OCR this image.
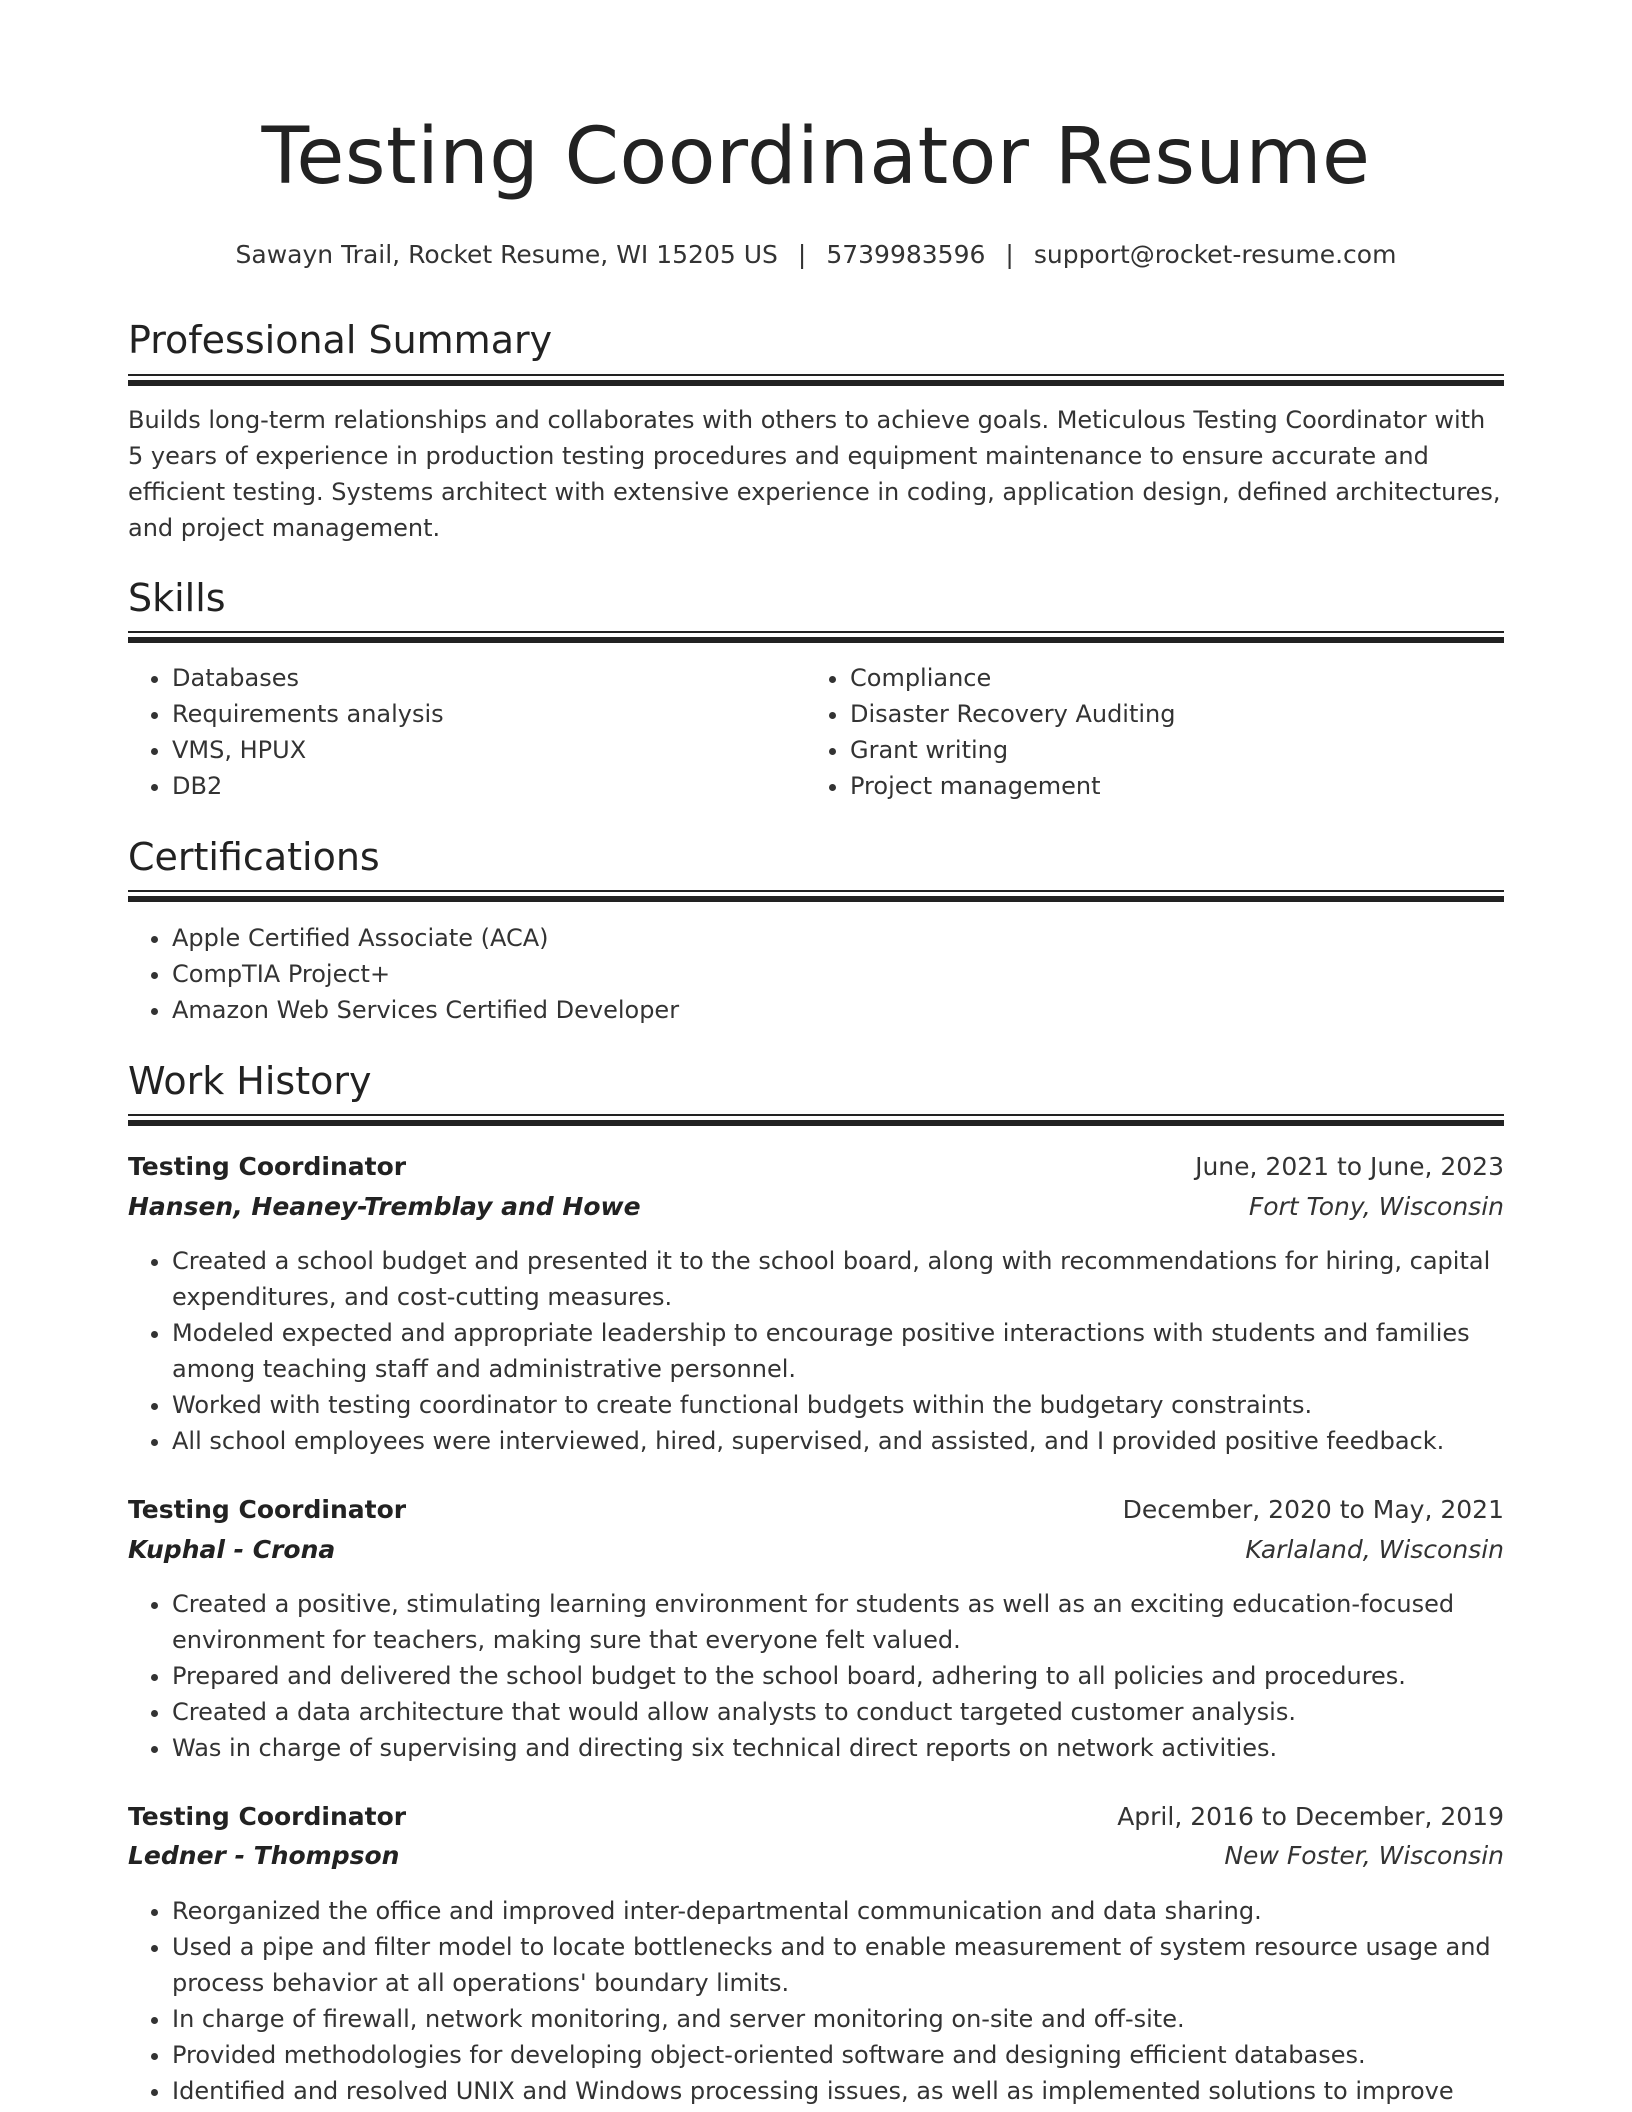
Testing Coordinator Resume
Sawayn Trail, Rocket Resume, WI 15205 US | 5739983596 | support@rocket-resume.com
Professional Summary
Builds long-term relationships and collaborates with others to achieve goals. Meticulous Testing Coordinator with 5 years of experience in production testing procedures and equipment maintenance to ensure accurate and efficient testing. Systems architect with extensive experience in coding, application design, defined architectures, and project management.
Skills
• Databases
• Requirements analysis
• VMS, HPUX
• DB2
• Compliance
• Disaster Recovery Auditing
• Grant writing
• Project management
Certifications
• Apple Certified Associate (ACA)
• CompTIA Project+
• Amazon Web Services Certified Developer
Work History
Testing Coordinator	June, 2021 to June, 2023
Hansen, Heaney-Tremblay and Howe	Fort Tony, Wisconsin
• Created a school budget and presented it to the school board, along with recommendations for hiring, capital expenditures, and cost-cutting measures.
• Modeled expected and appropriate leadership to encourage positive interactions with students and families among teaching staff and administrative personnel.
• Worked with testing coordinator to create functional budgets within the budgetary constraints.
• All school employees were interviewed, hired, supervised, and assisted, and I provided positive feedback.
Testing Coordinator	December, 2020 to May, 2021
Kuphal - Crona	Karlaland, Wisconsin
• Created a positive, stimulating learning environment for students as well as an exciting education-focused environment for teachers, making sure that everyone felt valued.
• Prepared and delivered the school budget to the school board, adhering to all policies and procedures.
• Created a data architecture that would allow analysts to conduct targeted customer analysis.
• Was in charge of supervising and directing six technical direct reports on network activities.
Testing Coordinator	April, 2016 to December, 2019
Ledner - Thompson	New Foster, Wisconsin
• Reorganized the office and improved inter-departmental communication and data sharing.
• Used a pipe and filter model to locate bottlenecks and to enable measurement of system resource usage and process behavior at all operations' boundary limits.
• In charge of firewall, network monitoring, and server monitoring on-site and off-site.
• Provided methodologies for developing object-oriented software and designing efficient databases.
• Identified and resolved UNIX and Windows processing issues, as well as implemented solutions to improve
